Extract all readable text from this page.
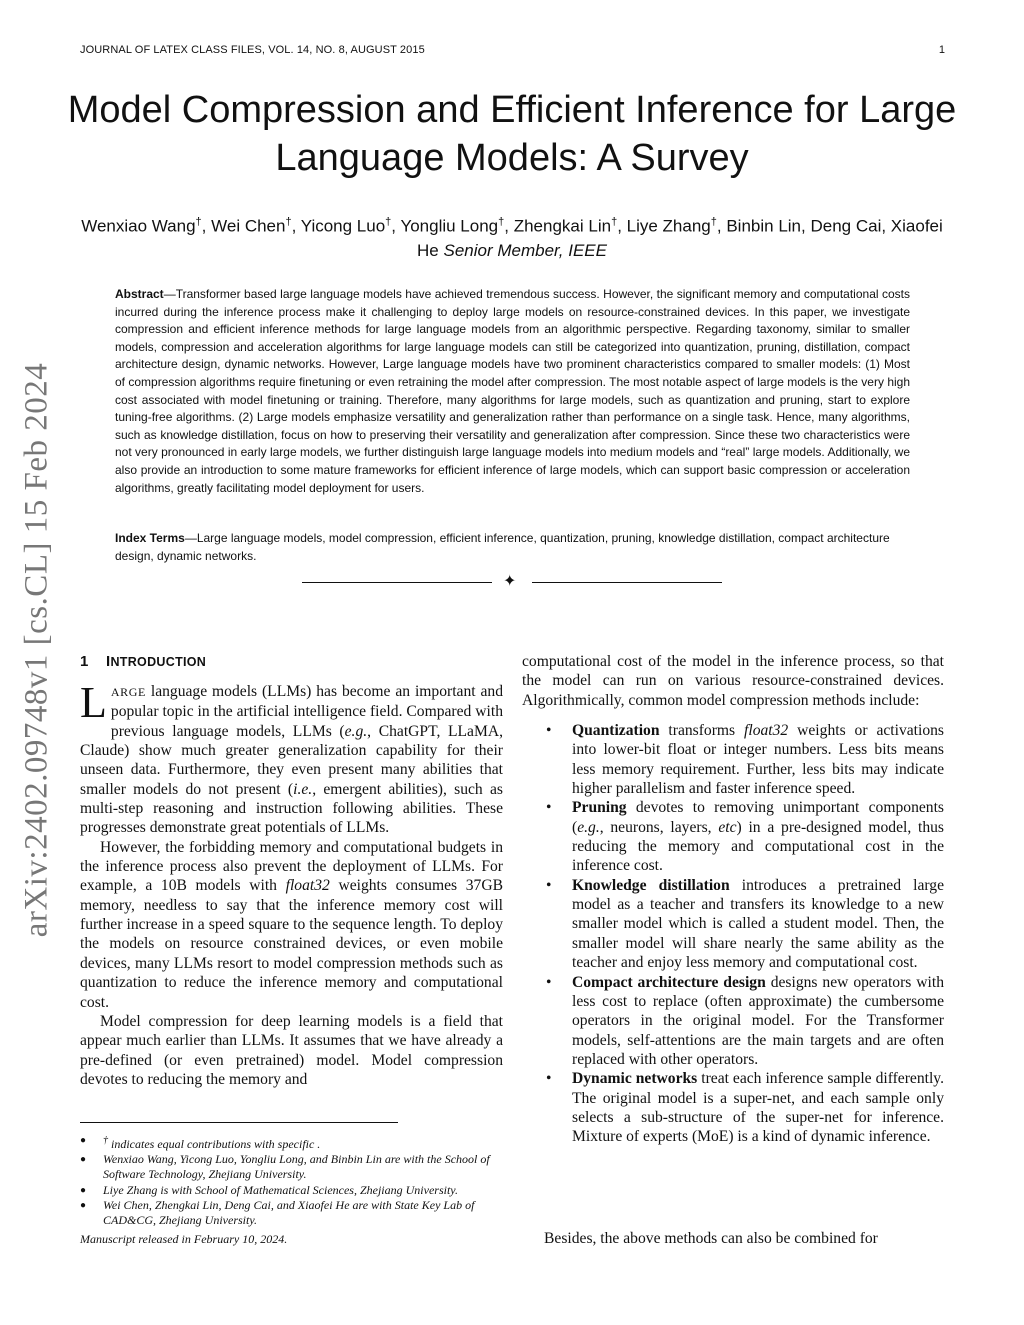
JOURNAL OF LATEX CLASS FILES, VOL. 14, NO. 8, AUGUST 2015	1
arXiv:2402.09748v1 [cs.CL] 15 Feb 2024
Model Compression and Efficient Inference for Large Language Models: A Survey
Wenxiao Wang†, Wei Chen†, Yicong Luo†, Yongliu Long†, Zhengkai Lin†, Liye Zhang†, Binbin Lin, Deng Cai, Xiaofei He Senior Member, IEEE
Abstract—Transformer based large language models have achieved tremendous success. However, the significant memory and computational costs incurred during the inference process make it challenging to deploy large models on resource-constrained devices. In this paper, we investigate compression and efficient inference methods for large language models from an algorithmic perspective. Regarding taxonomy, similar to smaller models, compression and acceleration algorithms for large language models can still be categorized into quantization, pruning, distillation, compact architecture design, dynamic networks. However, Large language models have two prominent characteristics compared to smaller models: (1) Most of compression algorithms require finetuning or even retraining the model after compression. The most notable aspect of large models is the very high cost associated with model finetuning or training. Therefore, many algorithms for large models, such as quantization and pruning, start to explore tuning-free algorithms. (2) Large models emphasize versatility and generalization rather than performance on a single task. Hence, many algorithms, such as knowledge distillation, focus on how to preserving their versatility and generalization after compression. Since these two characteristics were not very pronounced in early large models, we further distinguish large language models into medium models and “real” large models. Additionally, we also provide an introduction to some mature frameworks for efficient inference of large models, which can support basic compression or acceleration algorithms, greatly facilitating model deployment for users.
Index Terms—Large language models, model compression, efficient inference, quantization, pruning, knowledge distillation, compact architecture design, dynamic networks.
✦
1 INTRODUCTION

LARGE language models (LLMs) has become an important and popular topic in the artificial intelligence field. Compared with previous language models, LLMs (e.g., ChatGPT, LLaMA, Claude) show much greater generalization capability for their unseen data. Furthermore, they even present many abilities that smaller models do not present (i.e., emergent abilities), such as multi-step reasoning and instruction following abilities. These progresses demonstrate great potentials of LLMs.

However, the forbidding memory and computational budgets in the inference process also prevent the deployment of LLMs. For example, a 10B models with float32 weights consumes 37GB memory, needless to say that the inference memory cost will further increase in a speed square to the sequence length. To deploy the models on resource constrained devices, or even mobile devices, many LLMs resort to model compression methods such as quantization to reduce the inference memory and computational cost.

Model compression for deep learning models is a field that appear much earlier than LLMs. It assumes that we have already a pre-defined (or even pretrained) model. Model compression devotes to reducing the memory and

computational cost of the model in the inference process, so that the model can run on various resource-constrained devices. Algorithmically, common model compression methods include:

• Quantization transforms float32 weights or activations into lower-bit float or integer numbers. Less bits means less memory requirement. Further, less bits may indicate higher parallelism and faster inference speed.
• Pruning devotes to removing unimportant components (e.g., neurons, layers, etc) in a pre-designed model, thus reducing the memory and computational cost in the inference cost.
• Knowledge distillation introduces a pretrained large model as a teacher and transfers its knowledge to a new smaller model which is called a student model. Then, the smaller model will share nearly the same ability as the teacher and enjoy less memory and computational cost.
• Compact architecture design designs new operators with less cost to replace (often approximate) the cumbersome operators in the original model. For the Transformer models, self-attentions are the main targets and are often replaced with other operators.
• Dynamic networks treat each inference sample differently. The original model is a super-net, and each sample only selects a sub-structure of the super-net for inference. Mixture of experts (MoE) is a kind of dynamic inference.
Besides, the above methods can also be combined for
● † indicates equal contributions with specific .
● Wenxiao Wang, Yicong Luo, Yongliu Long, and Binbin Lin are with the School of Software Technology, Zhejiang University.
● Liye Zhang is with School of Mathematical Sciences, Zhejiang University.
● Wei Chen, Zhengkai Lin, Deng Cai, and Xiaofei He are with State Key Lab of CAD&CG, Zhejiang University.
Manuscript released in February 10, 2024.
